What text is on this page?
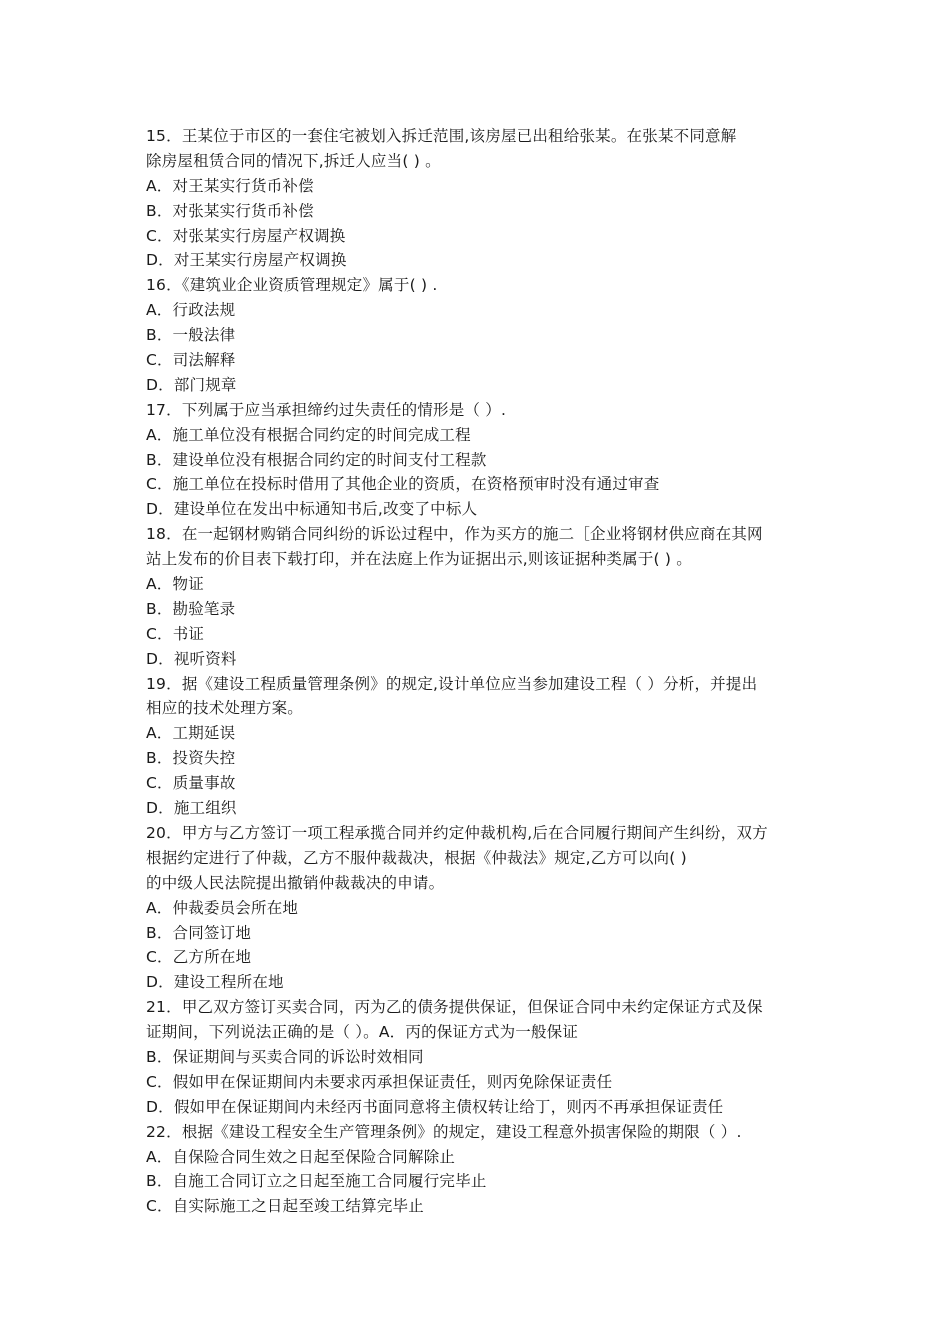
15．王某位于市区的一套住宅被划入拆迁范围,该房屋已出租给张某。在张某不同意解
除房屋租赁合同的情况下,拆迁人应当( ) 。
A．对王某实行货币补偿
B．对张某实行货币补偿
C．对张某实行房屋产权调换
D．对王某实行房屋产权调换
16．《建筑业企业资质管理规定》属于( ) .
A．行政法规
B．一般法律
C．司法解释
D．部门规章
17．下列属于应当承担缔约过失责任的情形是（ ）.
A．施工单位没有根据合同约定的时间完成工程
B．建设单位没有根据合同约定的时间支付工程款
C．施工单位在投标时借用了其他企业的资质，在资格预审时没有通过审查
D．建设单位在发出中标通知书后,改变了中标人
18．在一起钢材购销合同纠纷的诉讼过程中，作为买方的施二［企业将钢材供应商在其网
站上发布的价目表下载打印，并在法庭上作为证据出示,则该证据种类属于( ) 。
A．物证
B．勘验笔录
C．书证
D．视听资料
19．据《建设工程质量管理条例》的规定,设计单位应当参加建设工程（ ）分析，并提出
相应的技术处理方案。
A．工期延误
B．投资失控
C．质量事故
D．施工组织
20．甲方与乙方签订一项工程承揽合同并约定仲裁机构,后在合同履行期间产生纠纷，双方
根据约定进行了仲裁，乙方不服仲裁裁决，根据《仲裁法》规定,乙方可以向( )
的中级人民法院提出撤销仲裁裁决的申请。
A．仲裁委员会所在地
B．合同签订地
C．乙方所在地
D．建设工程所在地
21．甲乙双方签订买卖合同，丙为乙的债务提供保证，但保证合同中未约定保证方式及保
证期间，下列说法正确的是（ ）。A．丙的保证方式为一般保证
B．保证期间与买卖合同的诉讼时效相同
C．假如甲在保证期间内未要求丙承担保证责任，则丙免除保证责任
D．假如甲在保证期间内未经丙书面同意将主债权转让给丁，则丙不再承担保证责任
22．根据《建设工程安全生产管理条例》的规定，建设工程意外损害保险的期限（ ）.
A．自保险合同生效之日起至保险合同解除止
B．自施工合同订立之日起至施工合同履行完毕止
C．自实际施工之日起至竣工结算完毕止
